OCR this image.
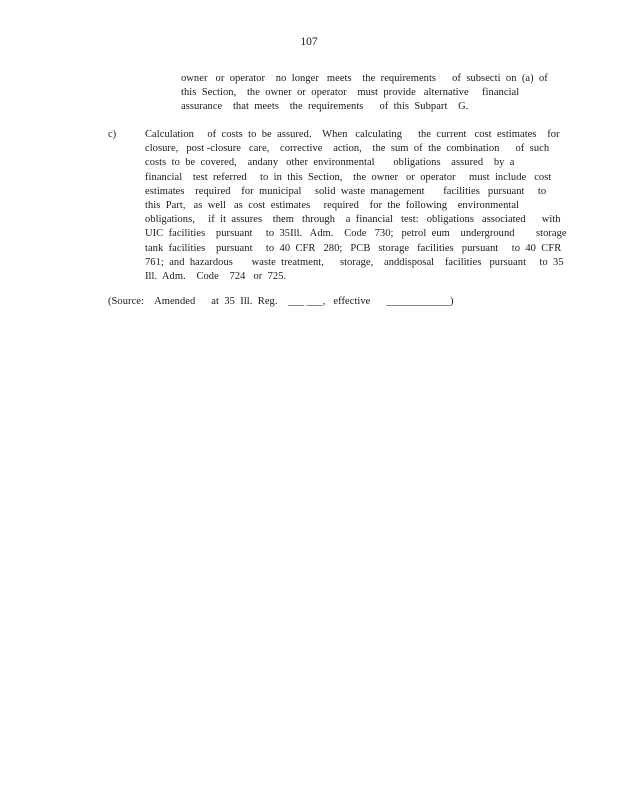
107
owner   or  operator    no  longer   meets    the  requirements      of  subsecti  on  (a)  of
this  Section,    the  owner  or  operator    must  provide   alternative     financial
assurance    that  meets    the  requirements      of  this  Subpart    G.
c)	Calculation     of  costs  to  be  assured.    When   calculating      the  current   cost  estimates    for
closure,   post -closure   care,    corrective    action,    the  sum  of  the  combination      of  such
costs  to  be  covered,    andany   other  environmental       obligations    assured    by  a
financial    test  referred     to  in  this  Section,    the  owner   or  operator     must  include   cost
estimates    required    for  municipal     solid  waste  management       facilities   pursuant     to
this  Part,   as  well   as  cost  estimates     required    for  the  following    environmental
obligations,     if  it  assures    them   through    a  financial   test:   obligations   associated      with
UIC  facilities    pursuant     to  35Ill.   Adm.    Code   730;   petrol  eum    underground        storage
tank  facilities    pursuant     to  40  CFR   280;   PCB   storage   facilities   pursuant     to  40  CFR
761;  and  hazardous       waste  treatment,      storage,    anddisposal    facilities   pursuant     to  35
Ill.  Adm.    Code    724   or  725.
(Source:    Amended      at  35  Ill.  Reg.    ___ ___,   effective      ____________)
